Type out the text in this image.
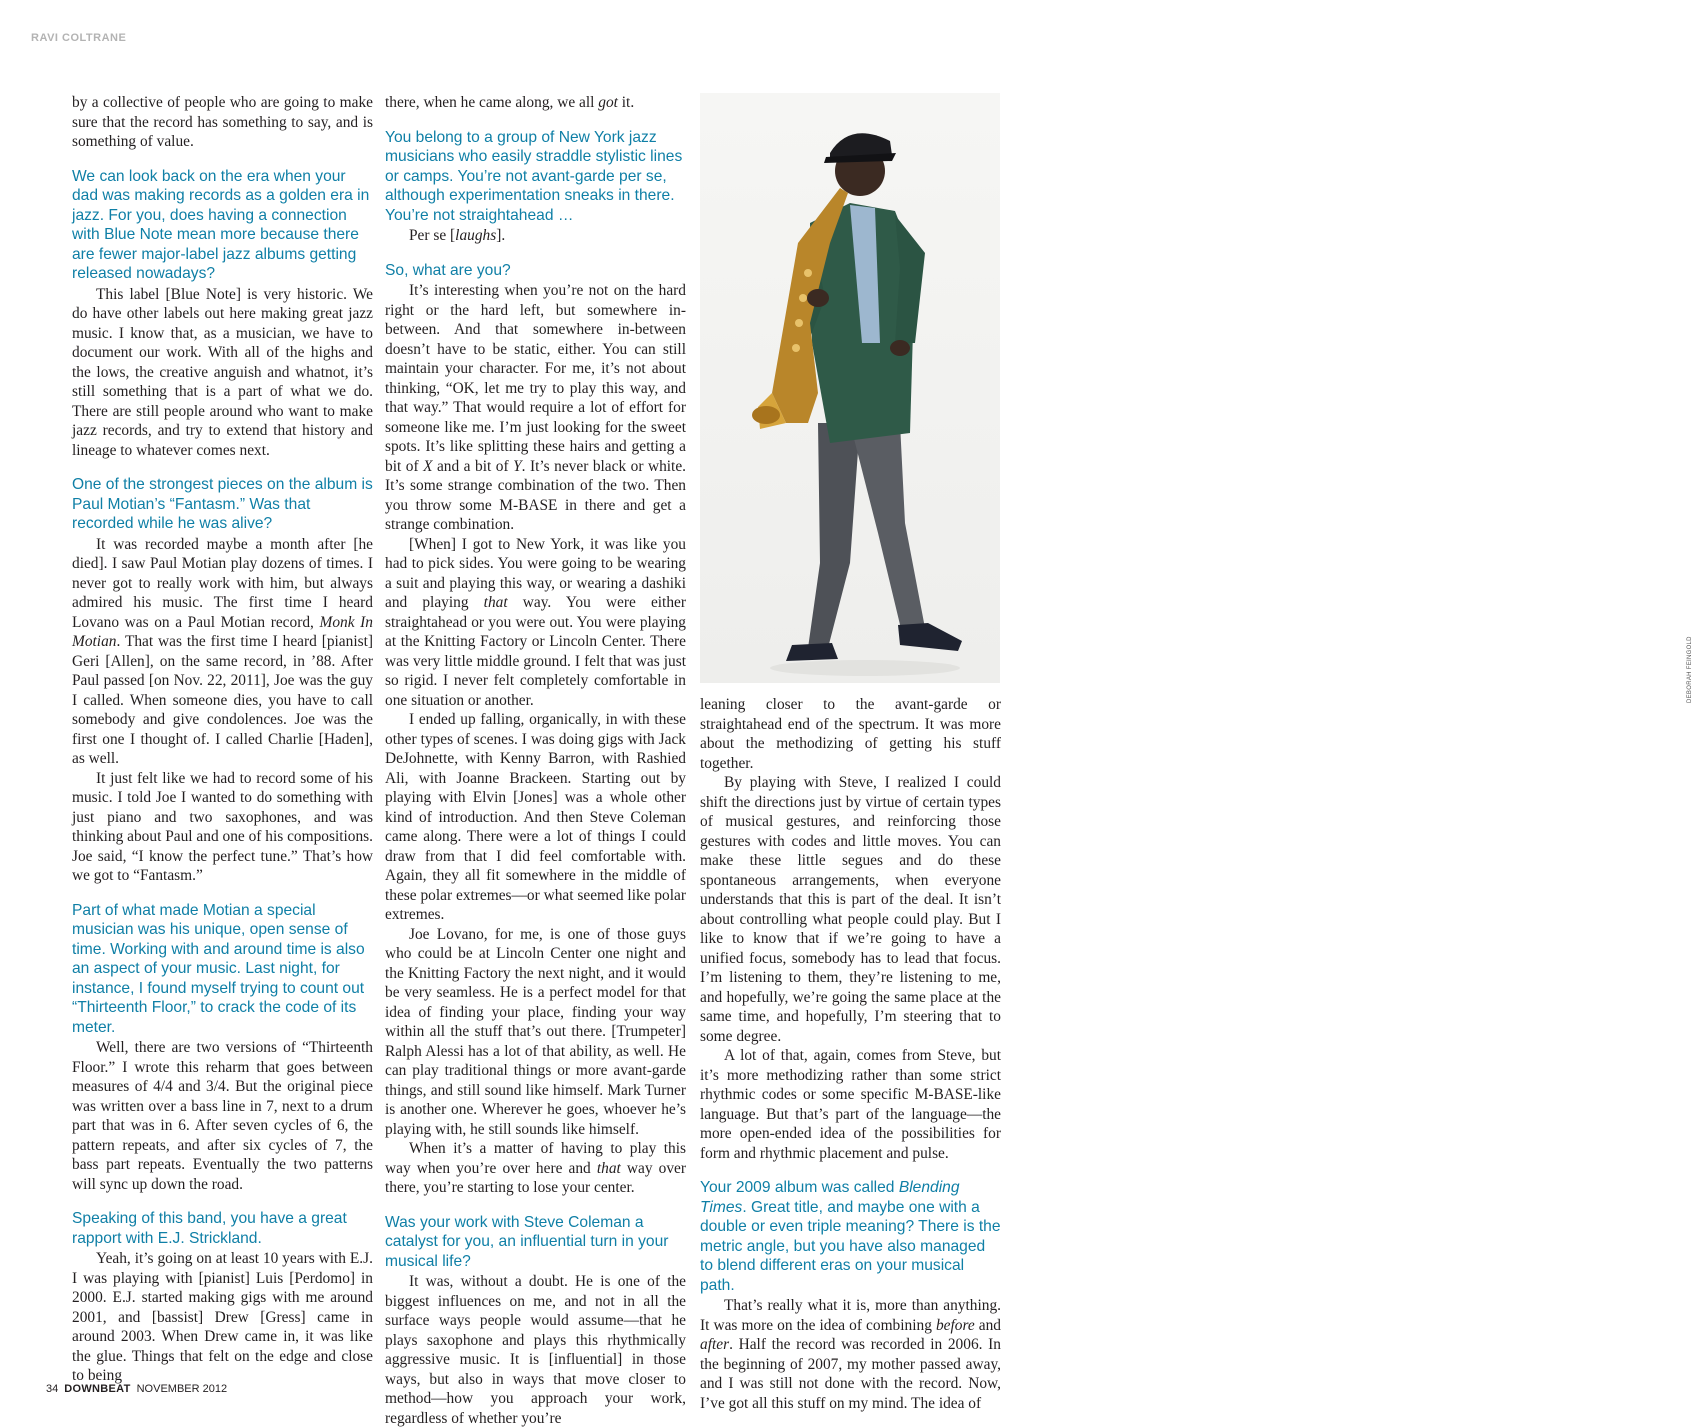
RAVI COLTRANE

by a collective of people who are going to make sure that the record has something to say, and is something of value.

We can look back on the era when your dad was making records as a golden era in jazz. For you, does having a connection with Blue Note mean more because there are fewer major-label jazz albums getting released nowadays?

This label [Blue Note] is very historic. We do have other labels out here making great jazz music. I know that, as a musician, we have to document our work. With all of the highs and the lows, the creative anguish and whatnot, it’s still something that is a part of what we do. There are still people around who want to make jazz records, and try to extend that history and lineage to whatever comes next.

One of the strongest pieces on the album is Paul Motian’s “Fantasm.” Was that recorded while he was alive?

It was recorded maybe a month after [he died]. I saw Paul Motian play dozens of times. I never got to really work with him, but always admired his music. The first time I heard Lovano was on a Paul Motian record, Monk In Motian. That was the first time I heard [pianist] Geri [Allen], on the same record, in ’88. After Paul passed [on Nov. 22, 2011], Joe was the guy I called. When someone dies, you have to call somebody and give condolences. Joe was the first one I thought of. I called Charlie [Haden], as well.

It just felt like we had to record some of his music. I told Joe I wanted to do something with just piano and two saxophones, and was thinking about Paul and one of his compositions. Joe said, “I know the perfect tune.” That’s how we got to “Fantasm.”

Part of what made Motian a special musician was his unique, open sense of time. Working with and around time is also an aspect of your music. Last night, for instance, I found myself trying to count out “Thirteenth Floor,” to crack the code of its meter.

Well, there are two versions of “Thirteenth Floor.” I wrote this reharm that goes between measures of 4/4 and 3/4. But the original piece was written over a bass line in 7, next to a drum part that was in 6. After seven cycles of 6, the pattern repeats, and after six cycles of 7, the bass part repeats. Eventually the two patterns will sync up down the road.

Speaking of this band, you have a great rapport with E.J. Strickland.

Yeah, it’s going on at least 10 years with E.J. I was playing with [pianist] Luis [Perdomo] in 2000. E.J. started making gigs with me around 2001, and [bassist] Drew [Gress] came in around 2003. When Drew came in, it was like the glue. Things that felt on the edge and close to being

there, when he came along, we all got it.

You belong to a group of New York jazz musicians who easily straddle stylistic lines or camps. You’re not avant-garde per se, although experimentation sneaks in there. You’re not straightahead …

Per se [laughs].

So, what are you?

It’s interesting when you’re not on the hard right or the hard left, but somewhere in-between. And that somewhere in-between doesn’t have to be static, either. You can still maintain your character. For me, it’s not about thinking, “OK, let me try to play this way, and that way.” That would require a lot of effort for someone like me. I’m just looking for the sweet spots. It’s like splitting these hairs and getting a bit of X and a bit of Y. It’s never black or white. It’s some strange combination of the two. Then you throw some M-BASE in there and get a strange combination.

[When] I got to New York, it was like you had to pick sides. You were going to be wearing a suit and playing this way, or wearing a dashiki and playing that way. You were either straightahead or you were out. You were playing at the Knitting Factory or Lincoln Center. There was very little middle ground. I felt that was just so rigid. I never felt completely comfortable in one situation or another.

I ended up falling, organically, in with these other types of scenes. I was doing gigs with Jack DeJohnette, with Kenny Barron, with Rashied Ali, with Joanne Brackeen. Starting out by playing with Elvin [Jones] was a whole other kind of introduction. And then Steve Coleman came along. There were a lot of things I could draw from that I did feel comfortable with. Again, they all fit somewhere in the middle of these polar extremes—or what seemed like polar extremes.

Joe Lovano, for me, is one of those guys who could be at Lincoln Center one night and the Knitting Factory the next night, and it would be very seamless. He is a perfect model for that idea of finding your place, finding your way within all the stuff that’s out there. [Trumpeter] Ralph Alessi has a lot of that ability, as well. He can play traditional things or more avant-garde things, and still sound like himself. Mark Turner is another one. Wherever he goes, whoever he’s playing with, he still sounds like himself.

When it’s a matter of having to play this way when you’re over here and that way over there, you’re starting to lose your center.

Was your work with Steve Coleman a catalyst for you, an influential turn in your musical life?

It was, without a doubt. He is one of the biggest influences on me, and not in all the surface ways people would assume—that he plays saxophone and plays this rhythmically aggressive music. It is [influential] in those ways, but also in ways that move closer to method—how you approach your work, regardless of whether you’re

DEBORAH FEINGOLD

leaning closer to the avant-garde or straightahead end of the spectrum. It was more about the methodizing of getting his stuff together.

By playing with Steve, I realized I could shift the directions just by virtue of certain types of musical gestures, and reinforcing those gestures with codes and little moves. You can make these little segues and do these spontaneous arrangements, when everyone understands that this is part of the deal. It isn’t about controlling what people could play. But I like to know that if we’re going to have a unified focus, somebody has to lead that focus. I’m listening to them, they’re listening to me, and hopefully, we’re going the same place at the same time, and hopefully, I’m steering that to some degree.

A lot of that, again, comes from Steve, but it’s more methodizing rather than some strict rhythmic codes or some specific M-BASE-like language. But that’s part of the language—the more open-ended idea of the possibilities for form and rhythmic placement and pulse.

Your 2009 album was called Blending Times. Great title, and maybe one with a double or even triple meaning? There is the metric angle, but you have also managed to blend different eras on your musical path.

That’s really what it is, more than anything. It was more on the idea of combining before and after. Half the record was recorded in 2006. In the beginning of 2007, my mother passed away, and I was still not done with the record. Now, I’ve got all this stuff on my mind. The idea of

34 DOWNBEAT NOVEMBER 2012
